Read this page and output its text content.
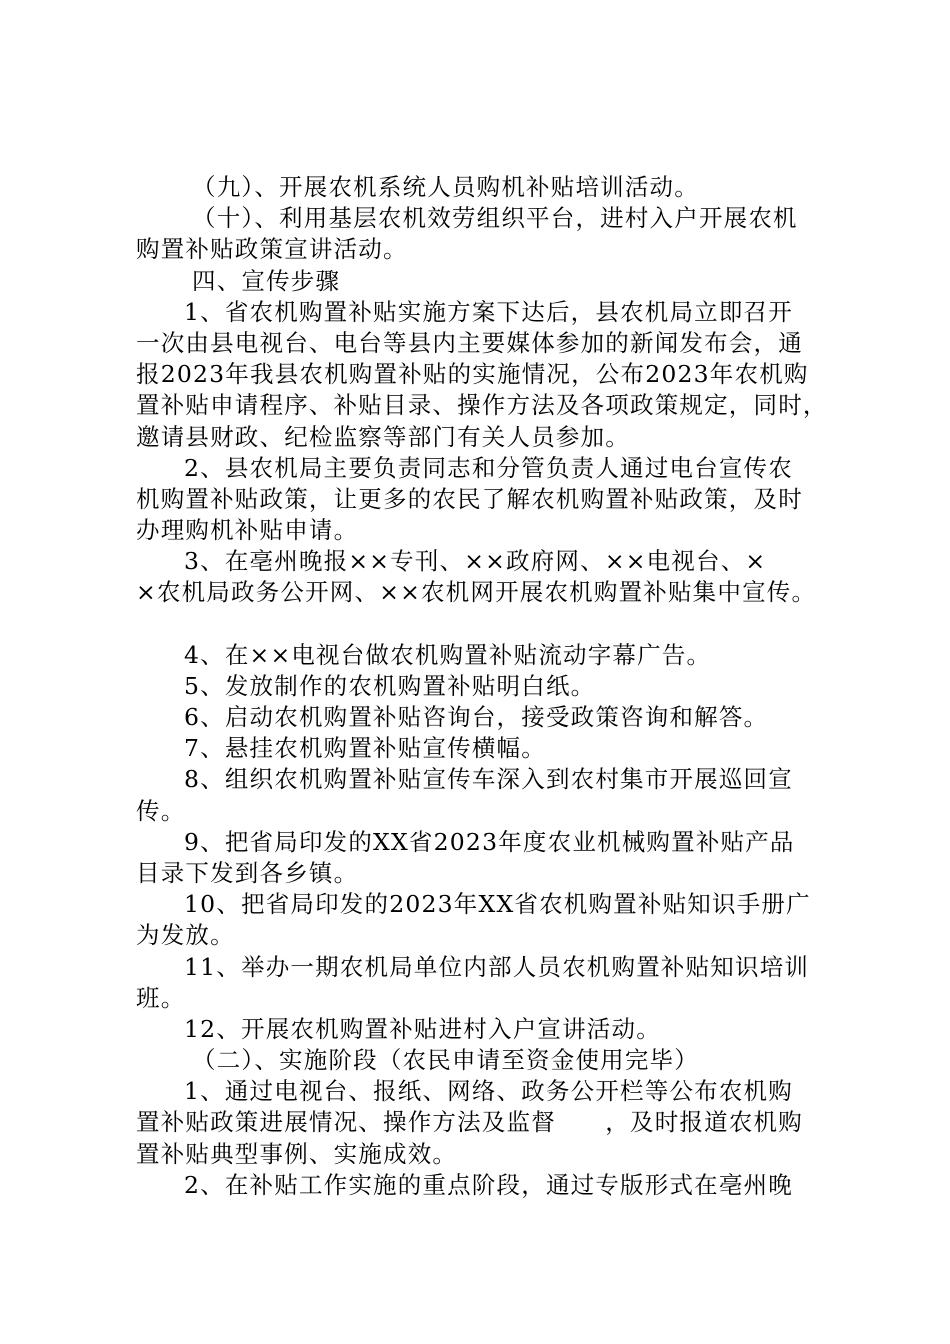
（九）、开展农机系统人员购机补贴培训活动。
（十）、利用基层农机效劳组织平台，进村入户开展农机
购置补贴政策宣讲活动。
四、宣传步骤
1、省农机购置补贴实施方案下达后，县农机局立即召开
一次由县电视台、电台等县内主要媒体参加的新闻发布会，通
报2023年我县农机购置补贴的实施情况，公布2023年农机购
置补贴申请程序、补贴目录、操作方法及各项政策规定，同时，
邀请县财政、纪检监察等部门有关人员参加。
2、县农机局主要负责同志和分管负责人通过电台宣传农
机购置补贴政策，让更多的农民了解农机购置补贴政策，及时
办理购机补贴申请。
3、在亳州晚报××专刊、××政府网、××电视台、×
×农机局政务公开网、××农机网开展农机购置补贴集中宣传。
4、在××电视台做农机购置补贴流动字幕广告。
5、发放制作的农机购置补贴明白纸。
6、启动农机购置补贴咨询台，接受政策咨询和解答。
7、悬挂农机购置补贴宣传横幅。
8、组织农机购置补贴宣传车深入到农村集市开展巡回宣
传。
9、把省局印发的XX省2023年度农业机械购置补贴产品
目录下发到各乡镇。
10、把省局印发的2023年XX省农机购置补贴知识手册广
为发放。
11、举办一期农机局单位内部人员农机购置补贴知识培训
班。
12、开展农机购置补贴进村入户宣讲活动。
（二）、实施阶段（农民申请至资金使用完毕）
1、通过电视台、报纸、网络、政务公开栏等公布农机购
置补贴政策进展情况、操作方法及监督　　，及时报道农机购
置补贴典型事例、实施成效。
2、在补贴工作实施的重点阶段，通过专版形式在亳州晚
